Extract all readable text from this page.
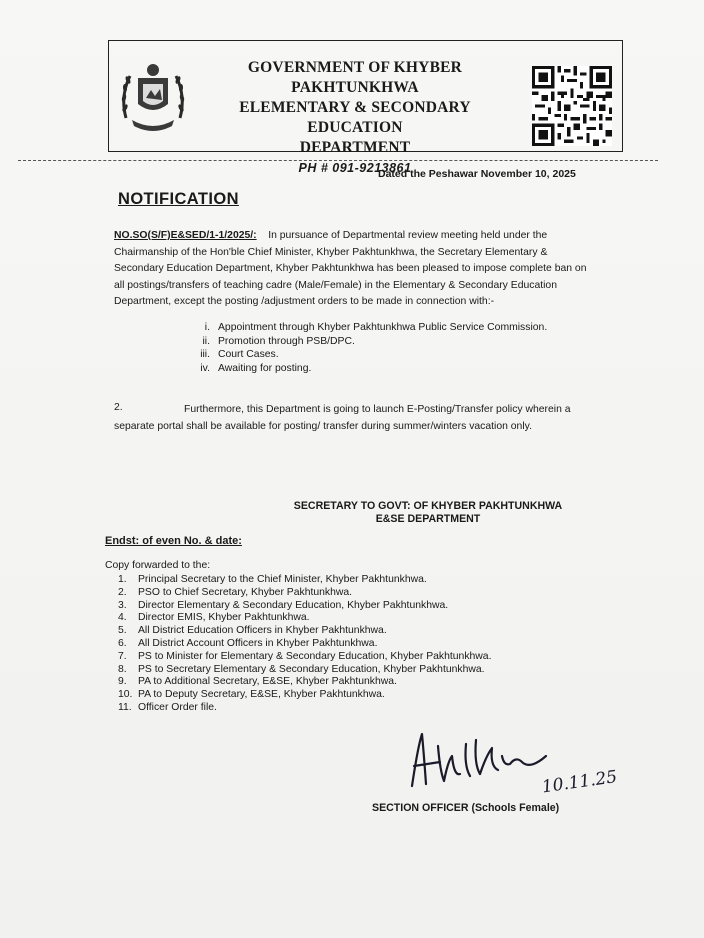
GOVERNMENT OF KHYBER PAKHTUNKHWA
ELEMENTARY & SECONDARY EDUCATION
DEPARTMENT
PH # 091-9213861
Dated the Peshawar November 10, 2025
NOTIFICATION
NO.SO(S/F)E&SED/1-1/2025/: In pursuance of Departmental review meeting held under the Chairmanship of the Hon'ble Chief Minister, Khyber Pakhtunkhwa, the Secretary Elementary & Secondary Education Department, Khyber Pakhtunkhwa has been pleased to impose complete ban on all postings/transfers of teaching cadre (Male/Female) in the Elementary & Secondary Education Department, except the posting /adjustment orders to be made in connection with:-
i. Appointment through Khyber Pakhtunkhwa Public Service Commission.
ii. Promotion through PSB/DPC.
iii. Court Cases.
iv. Awaiting for posting.
Furthermore, this Department is going to launch E-Posting/Transfer policy wherein a separate portal shall be available for posting/ transfer during summer/winters vacation only.
2.
SECRETARY TO GOVT: OF KHYBER PAKHTUNKHWA
E&SE DEPARTMENT
Endst: of even No. & date:
Copy forwarded to the:
1.	Principal Secretary to the Chief Minister, Khyber Pakhtunkhwa.
2.	PSO to Chief Secretary, Khyber Pakhtunkhwa.
3.	Director Elementary & Secondary Education, Khyber Pakhtunkhwa.
4.	Director EMIS, Khyber Pakhtunkhwa.
5.	All District Education Officers in Khyber Pakhtunkhwa.
6.	All District Account Officers in Khyber Pakhtunkhwa.
7.	PS to Minister for Elementary & Secondary Education, Khyber Pakhtunkhwa.
8.	PS to Secretary Elementary & Secondary Education, Khyber Pakhtunkhwa.
9.	PA to Additional Secretary, E&SE, Khyber Pakhtunkhwa.
10. PA to Deputy Secretary, E&SE, Khyber Pakhtunkhwa.
11. Officer Order file.
10.11.25
SECTION OFFICER (Schools Female)
